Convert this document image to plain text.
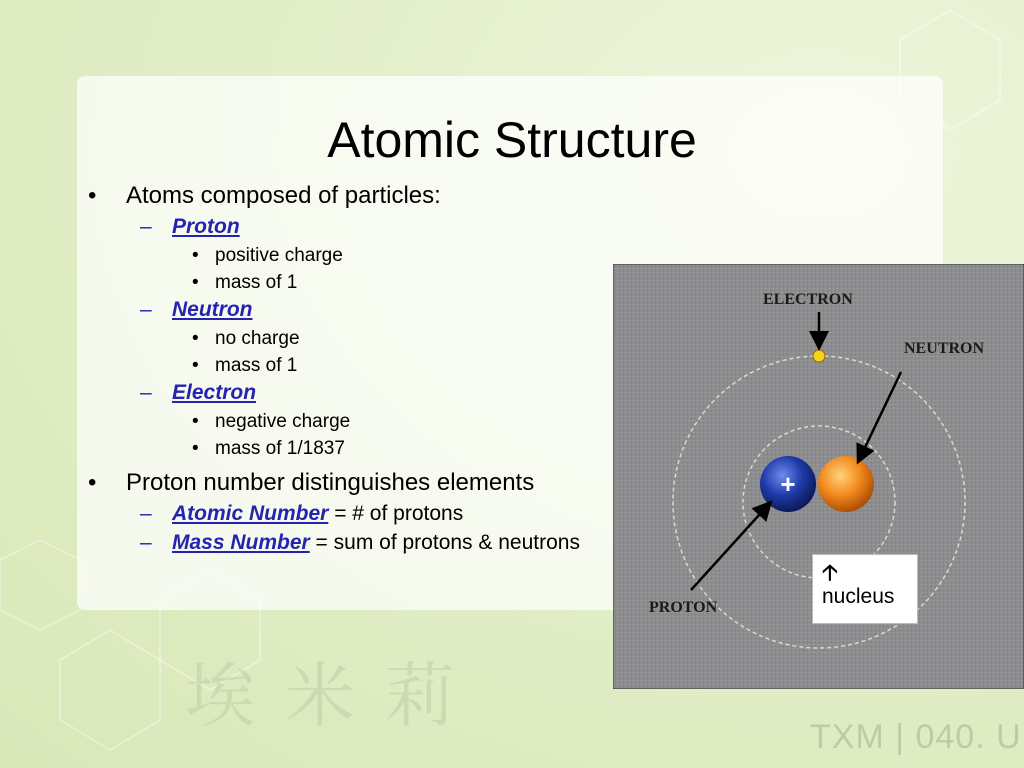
Atomic Structure
• Atoms composed of particles:
– Proton
• positive charge
• mass of 1
– Neutron
• no charge
• mass of 1
– Electron
• negative charge
• mass of 1/1837
• Proton number distinguishes elements
– Atomic Number = # of protons
– Mass Number = sum of protons & neutrons
+
ELECTRON
NEUTRON
PROTON
🡡
nucleus
埃米莉	TXM | 040. U
